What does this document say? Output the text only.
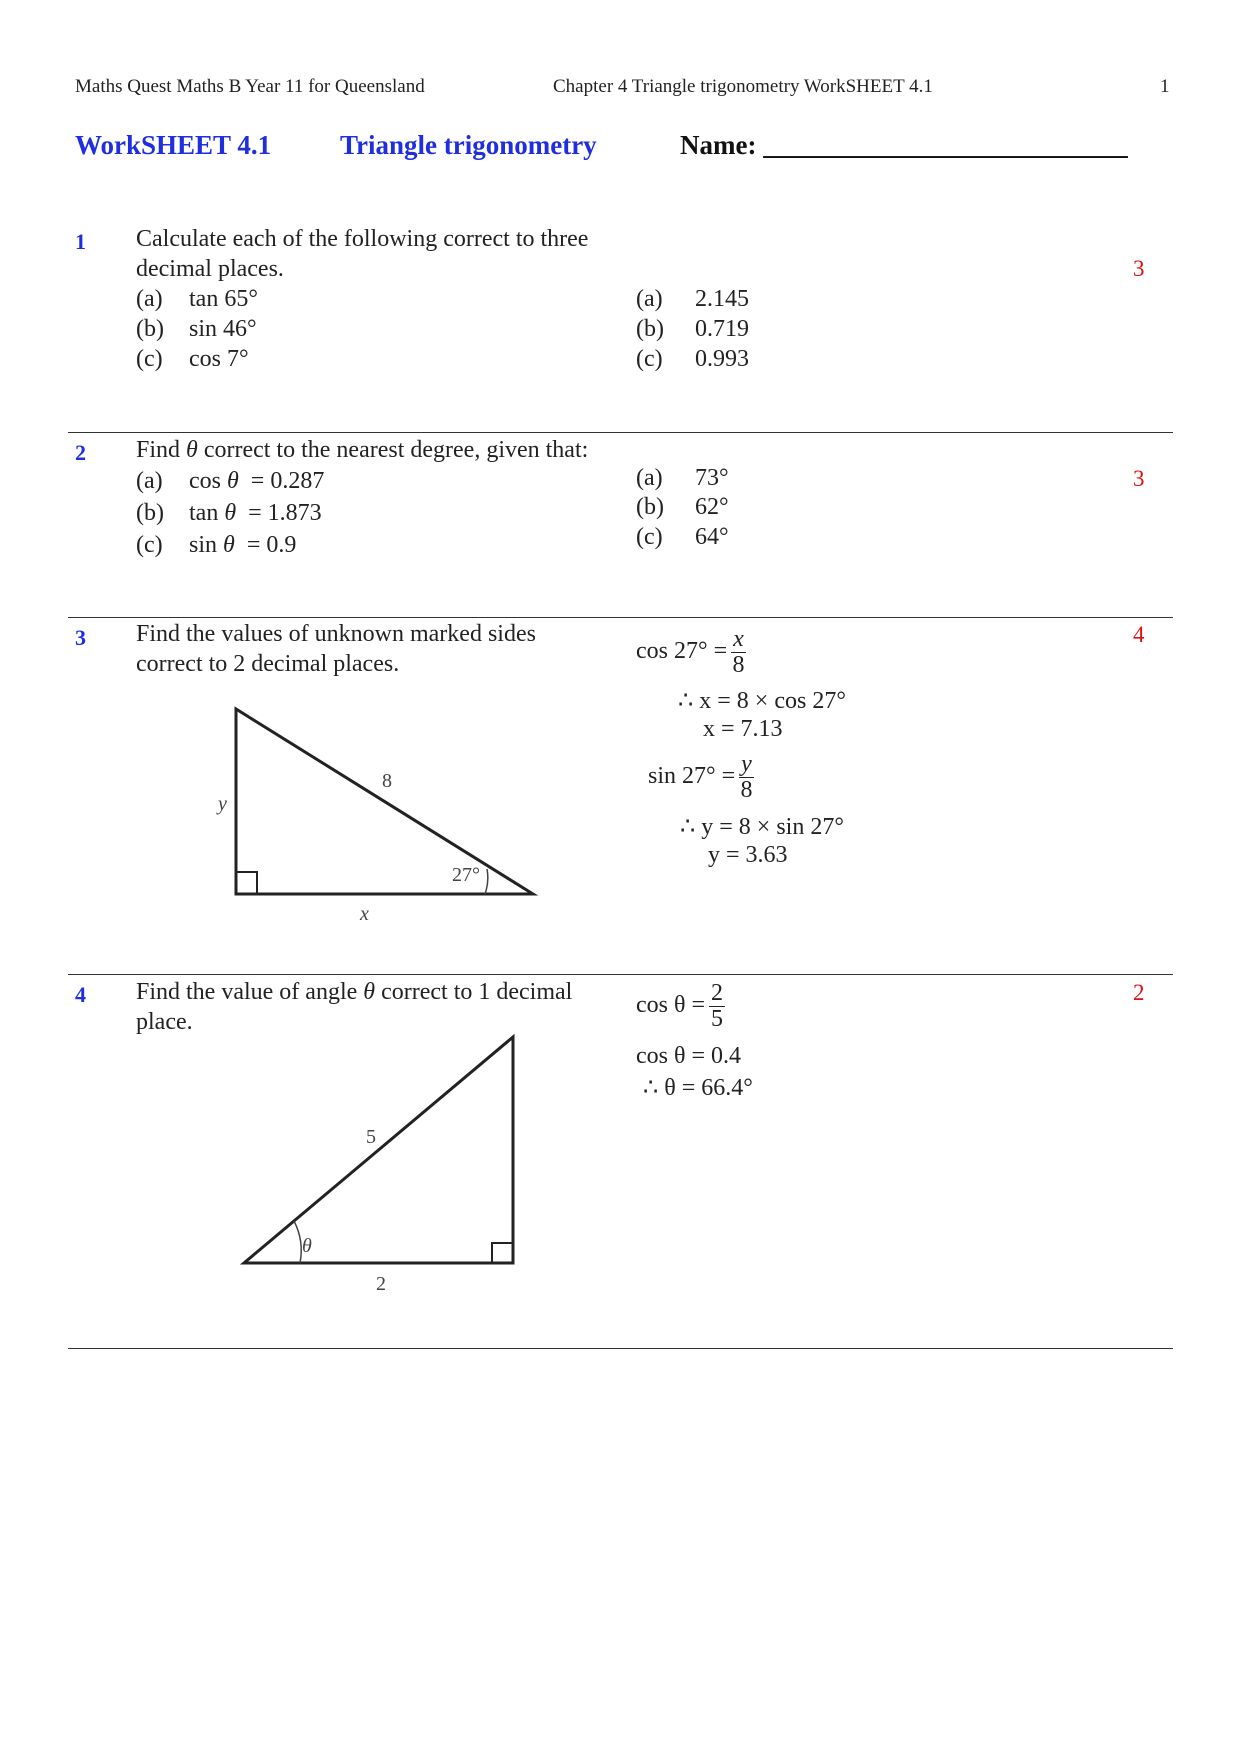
Maths Quest Maths B Year 11 for Queensland	Chapter 4 Triangle trigonometry WorkSHEET 4.1	1
WorkSHEET 4.1	Triangle trigonometry	Name: ___________________________
1 Calculate each of the following correct to three
decimal places.	3
(a) tan 65°
(b) sin 46°
(c) cos 7°
(a) 2.145
(b) 0.719
(c) 0.993
2 Find θ correct to the nearest degree, given that:
3
(a) cos θ = 0.287
(b) tan θ = 1.873
(c) sin θ = 0.9
(a) 73°
(b) 62°
(c) 64°
3 Find the values of unknown marked sides
correct to 2 decimal places.
4
8
y
x
27°
$\cos 27^\circ = \frac{x}{8}$
∴ x = 8 × cos 27°
x = 7.13
$\sin 27^\circ = \frac{y}{8}$
∴ y = 8 × sin 27°
y = 3.63
4 Find the value of angle θ correct to 1 decimal
place.
2
θ
5
2
$\cos \theta = \frac{2}{5}$
cos θ = 0.4
∴ θ = 66.4°
